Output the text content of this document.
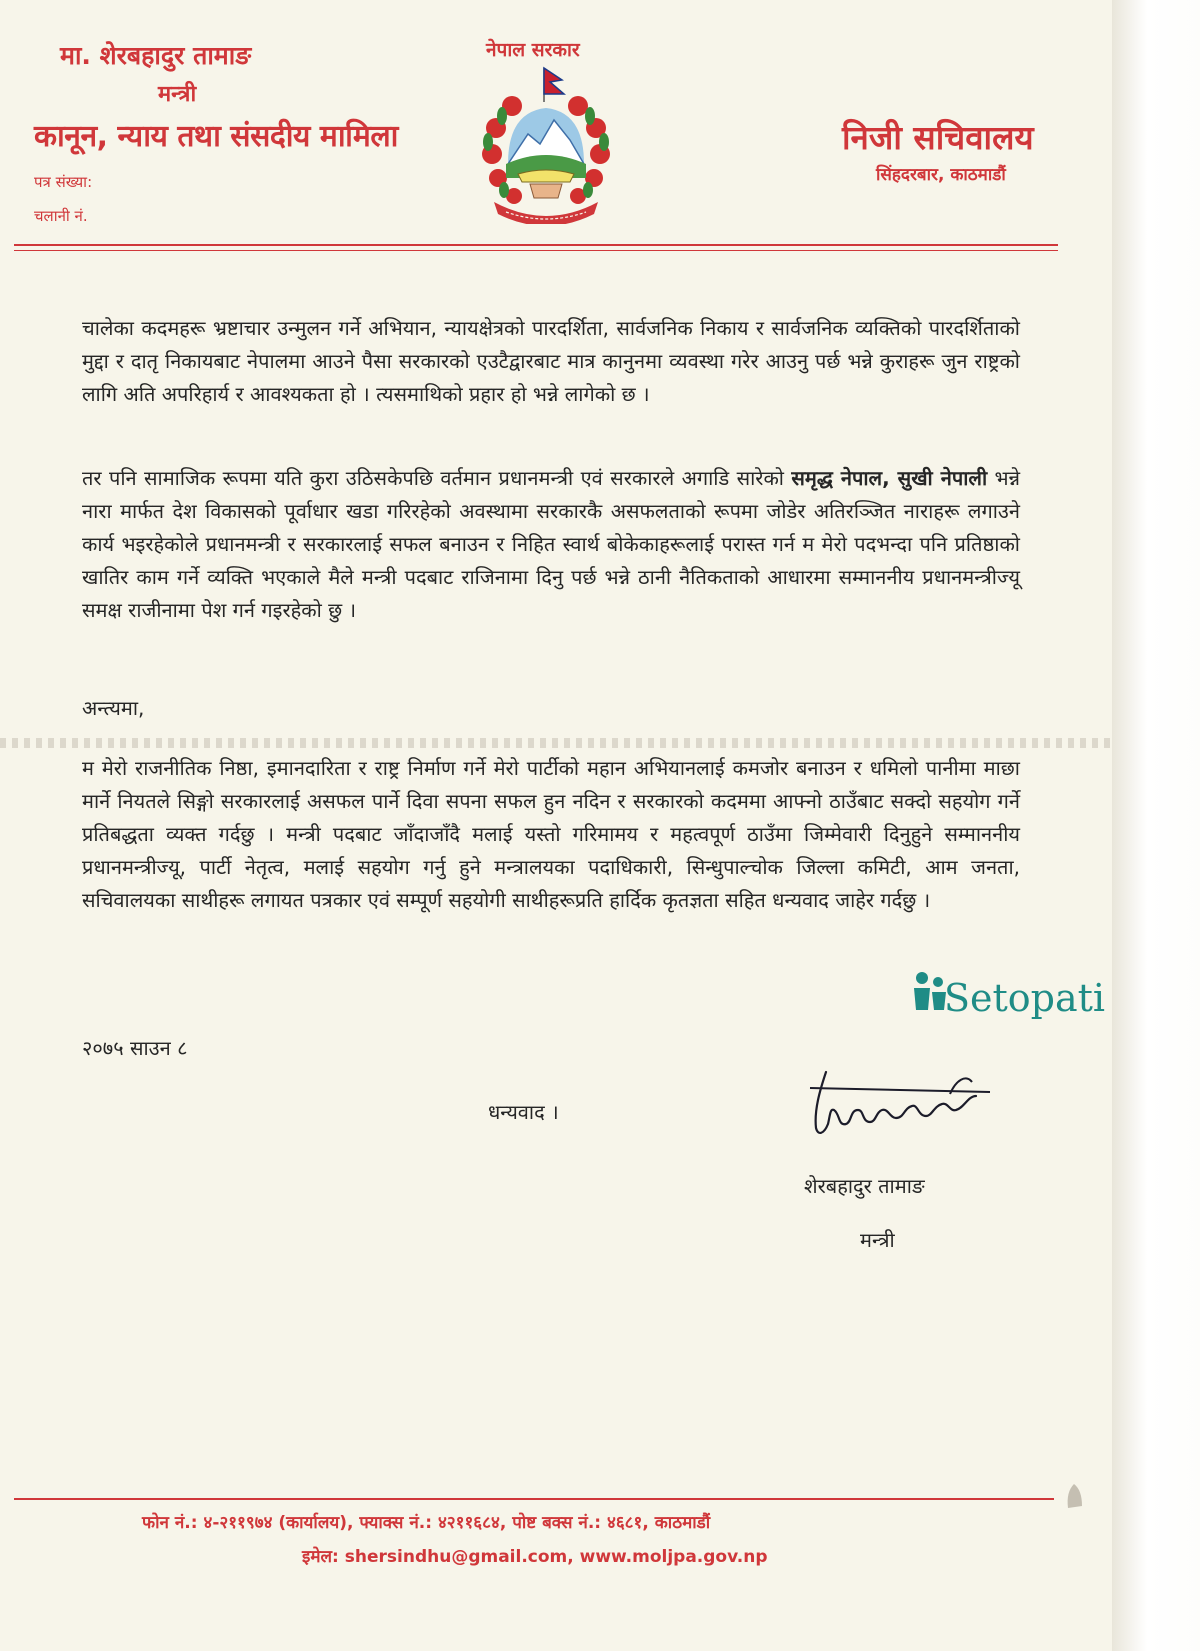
मा. शेरबहादुर तामाङ
मन्त्री
कानून, न्याय तथा संसदीय मामिला
पत्र संख्या:
चलानी नं.
नेपाल सरकार
निजी सचिवालय
सिंहदरबार, काठमाडौं
चालेका कदमहरू भ्रष्टाचार उन्मुलन गर्ने अभियान, न्यायक्षेत्रको पारदर्शिता, सार्वजनिक निकाय र सार्वजनिक व्यक्तिको पारदर्शिताको मुद्दा र दातृ निकायबाट नेपालमा आउने पैसा सरकारको एउटैद्वारबाट मात्र कानुनमा व्यवस्था गरेर आउनु पर्छ भन्ने कुराहरू जुन राष्ट्रको लागि अति अपरिहार्य र आवश्यकता हो । त्यसमाथिको प्रहार हो भन्ने लागेको छ ।
तर पनि सामाजिक रूपमा यति कुरा उठिसकेपछि वर्तमान प्रधानमन्त्री एवं सरकारले अगाडि सारेको समृद्ध नेपाल, सुखी नेपाली भन्ने नारा मार्फत देश विकासको पूर्वाधार खडा गरिरहेको अवस्थामा सरकारकै असफलताको रूपमा जोडेर अतिरञ्जित नाराहरू लगाउने कार्य भइरहेकोले प्रधानमन्त्री र सरकारलाई सफल बनाउन र निहित स्वार्थ बोकेकाहरूलाई परास्त गर्न म मेरो पदभन्दा पनि प्रतिष्ठाको खातिर काम गर्ने व्यक्ति भएकाले मैले मन्त्री पदबाट राजिनामा दिनु पर्छ भन्ने ठानी नैतिकताको आधारमा सम्माननीय प्रधानमन्त्रीज्यू समक्ष राजीनामा पेश गर्न गइरहेको छु ।
अन्त्यमा,
म मेरो राजनीतिक निष्ठा, इमानदारिता र राष्ट्र निर्माण गर्ने मेरो पार्टीको महान अभियानलाई कमजोर बनाउन र धमिलो पानीमा माछा मार्ने नियतले सिङ्गो सरकारलाई असफल पार्ने दिवा सपना सफल हुन नदिन र सरकारको कदममा आफ्नो ठाउँबाट सक्दो सहयोग गर्ने प्रतिबद्धता व्यक्त गर्दछु । मन्त्री पदबाट जाँदाजाँदै मलाई यस्तो गरिमामय र महत्वपूर्ण ठाउँमा जिम्मेवारी दिनुहुने सम्माननीय प्रधानमन्त्रीज्यू, पार्टी नेतृत्व, मलाई सहयोग गर्नु हुने मन्त्रालयका पदाधिकारी, सिन्धुपाल्चोक जिल्ला कमिटी, आम जनता, सचिवालयका साथीहरू लगायत पत्रकार एवं सम्पूर्ण सहयोगी साथीहरूप्रति हार्दिक कृतज्ञता सहित धन्यवाद जाहेर गर्दछु ।
Setopati
२०७५ साउन ८
धन्यवाद ।
शेरबहादुर तामाङ
मन्त्री
फोन नं.: ४-२११९७४ (कार्यालय), फ्याक्स नं.: ४२११६८४, पोष्ट बक्स नं.: ४६८१, काठमाडौं
इमेल: shersindhu@gmail.com, www.moljpa.gov.np
